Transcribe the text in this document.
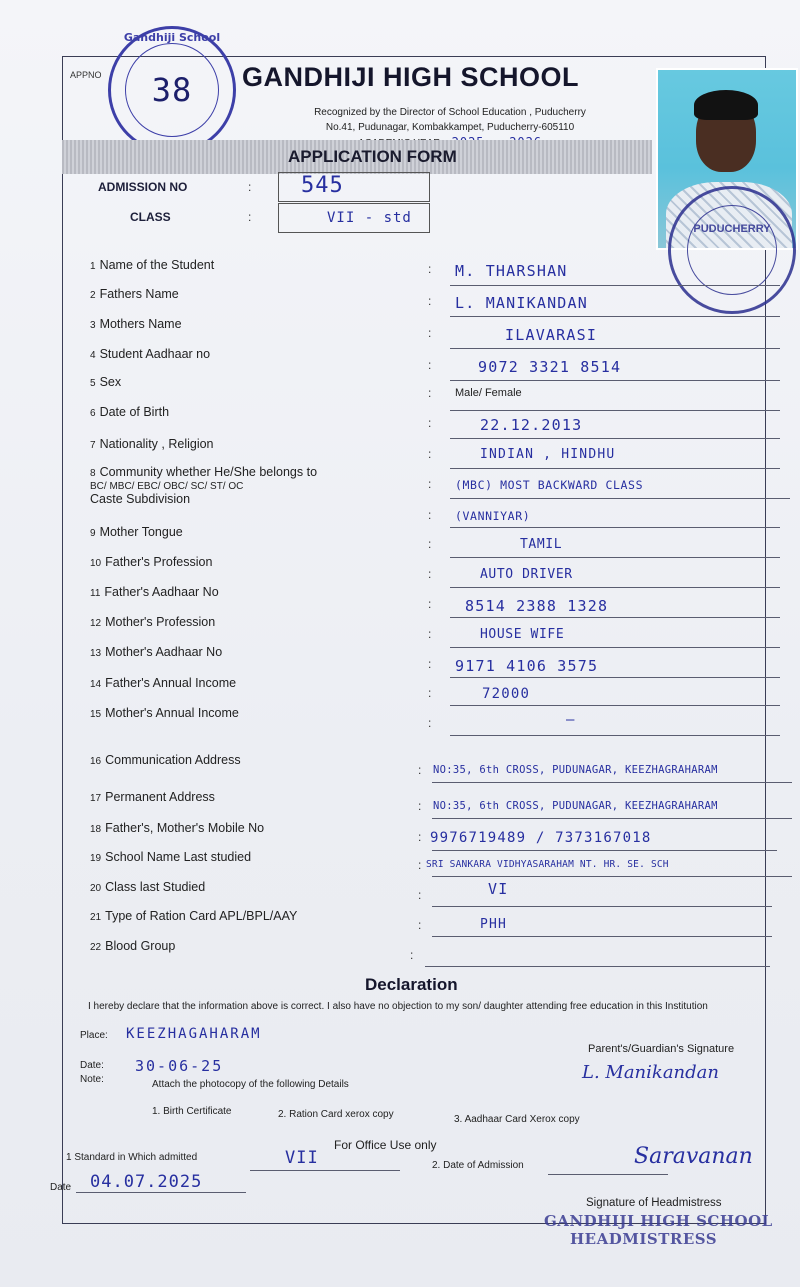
APPNO
Gandhiji School
38	GANDHIJI HIGH SCHOOL
Recognized by the Director of School Education , Puducherry
No.41, Pudunagar, Kombakkampet, Puducherry-605110

APPLICATION FORM
PUDUCHERRY
ADMISSION NO	: 545
CLASS	:	VII - std
1 Name of the Student	: M. THARSHAN
2 Fathers Name	: L. MANIKANDAN
3 Mothers Name
:	ILAVARASI
4 Student Aadhaar no
:	9072 3321 8514
5 Sex
: Male/ Female
6 Date of Birth
:	22.12.2013
7 Nationality , Religion
:	INDIAN , HINDHU
8 Community whether He/She belongs to
BC/ MBC/ EBC/ OBC/ SC/ ST/ OC
Caste Subdivision
: (MBC) MOST BACKWARD CLASS
: (VANNIYAR)
9 Mother Tongue
:	TAMIL
10 Father's Profession
:	AUTO DRIVER
11 Father's Aadhaar No
: 8514 2388 1328
12 Mother's Profession
:	HOUSE WIFE
13 Mother's Aadhaar No
: 9171 4106 3575
14 Father's Annual Income
:	72000
15 Mother's Annual Income
:	—
16 Communication Address
: NO:35, 6th CROSS, PUDUNAGAR, KEEZHAGRAHARAM
17 Permanent Address
: NO:35, 6th CROSS, PUDUNAGAR, KEEZHAGRAHARAM
18 Father's, Mother's Mobile No
: 9976719489 / 7373167018
19 School Name Last studied
: SRI SANKARA VIDHYASARAHAM NT. HR. SE. SCH
20 Class last Studied
:	VI
21 Type of Ration Card APL/BPL/AAY
:	PHH
22 Blood Group
:
Declaration
I hereby declare that the information above is correct. I also have no objection to my son/ daughter attending free education in this Institution
Place: KEEZHAGAHARAM
Parent's/Guardian's Signature
L. Manikandan
Date: 30-06-25
Note:	Attach the photocopy of the following Details
1. Birth Certificate	2. Ration Card xerox copy	3. Aadhaar Card Xerox copy
For Office Use only
1 Standard in Which admitted	VII	2. Date of Admission
Date 04.07.2025
Saravanan
Signature of Headmistress
GANDHIJI HIGH SCHOOL
HEADMISTRESS
